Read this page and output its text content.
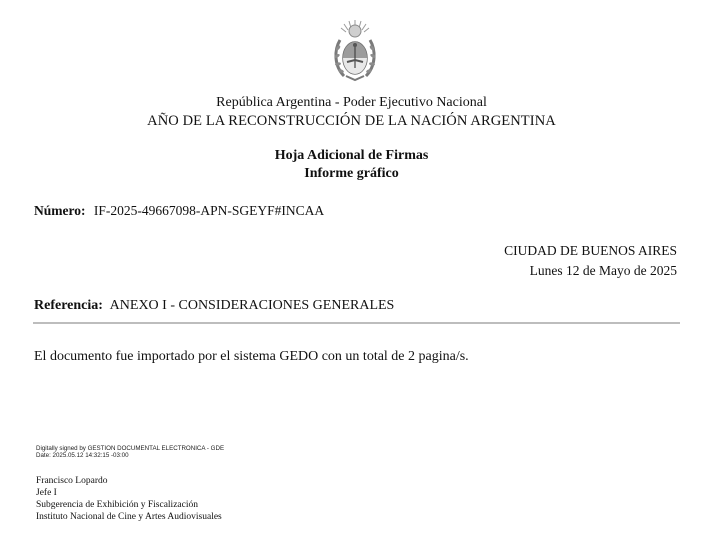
República Argentina - Poder Ejecutivo Nacional
AÑO DE LA RECONSTRUCCIÓN DE LA NACIÓN ARGENTINA
Hoja Adicional de Firmas
Informe gráfico
Número: IF-2025-49667098-APN-SGEYF#INCAA
CIUDAD DE BUENOS AIRES
Lunes 12 de Mayo de 2025
Referencia: ANEXO I - CONSIDERACIONES GENERALES
El documento fue importado por el sistema GEDO con un total de 2 pagina/s.
Digitally signed by GESTION DOCUMENTAL ELECTRONICA - GDE
Date: 2025.05.12 14:32:15 -03:00
Francisco Lopardo
Jefe I
Subgerencia de Exhibición y Fiscalización
Instituto Nacional de Cine y Artes Audiovisuales
